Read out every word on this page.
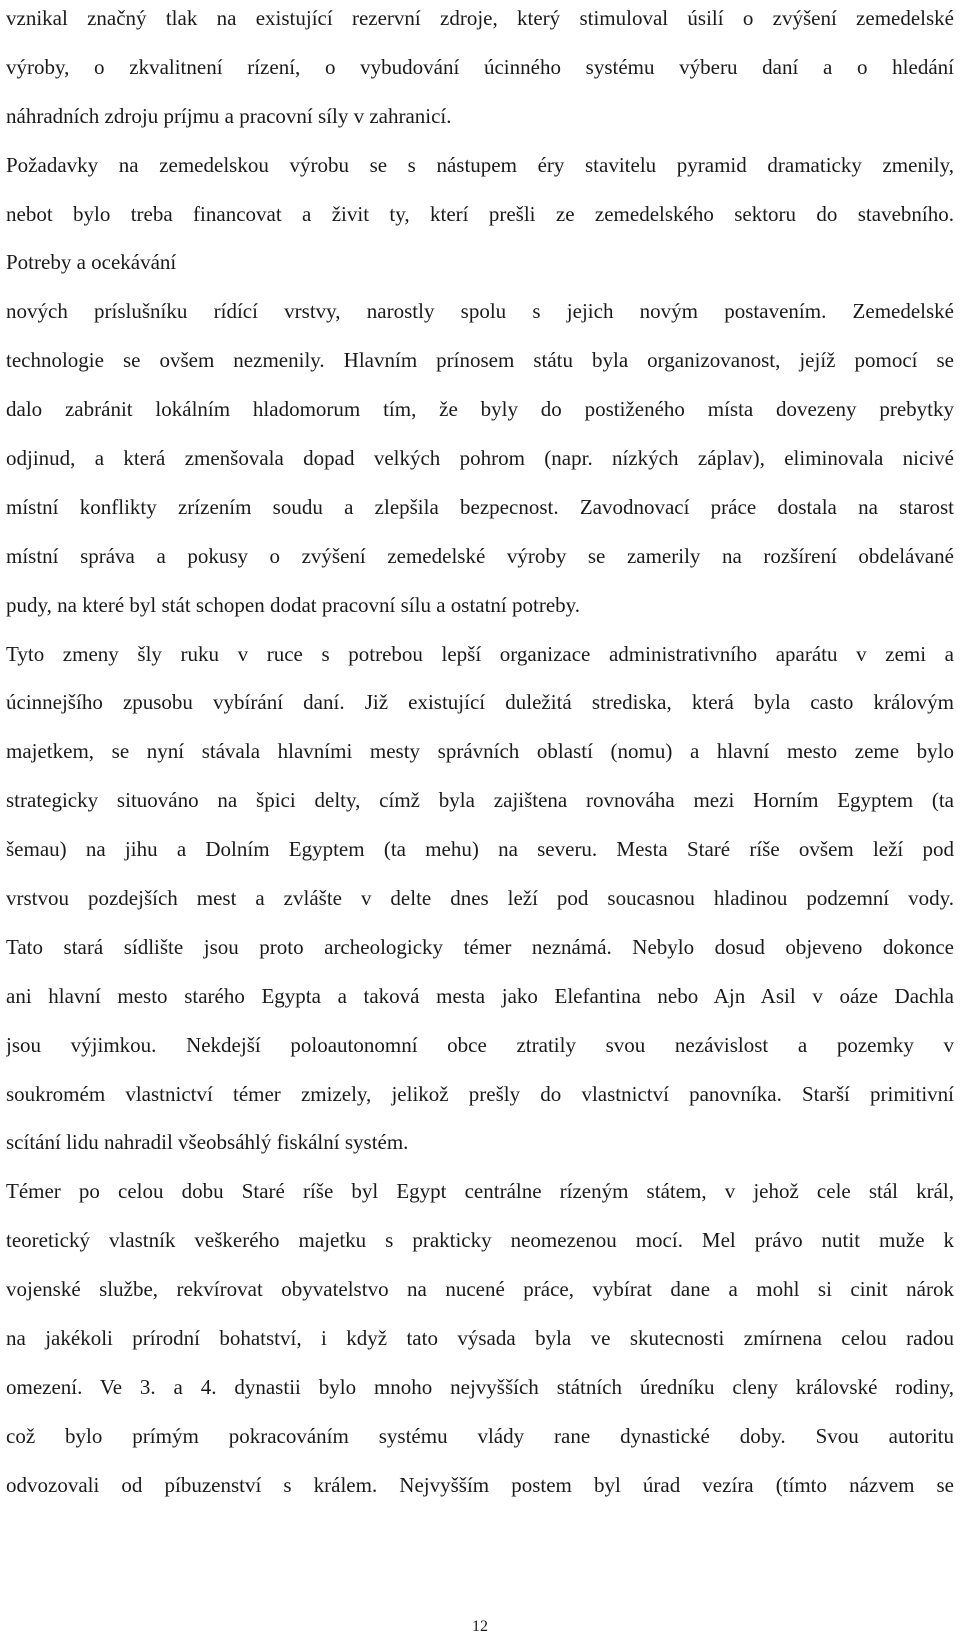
vznikal značný tlak na existující rezervní zdroje, který stimuloval úsilí o zvýšení zemedelské
výroby, o zkvalitnení rízení, o vybudování úcinného systému výberu daní a o hledání
náhradních zdroju príjmu a pracovní síly v zahranicí.
Požadavky na zemedelskou výrobu se s nástupem éry stavitelu pyramid dramaticky zmenily,
nebot bylo treba financovat a živit ty, kterí prešli ze zemedelského sektoru do stavebního.
Potreby a ocekávání
nových príslušníku rídící vrstvy, narostly spolu s jejich novým postavením. Zemedelské
technologie se ovšem nezmenily. Hlavním prínosem státu byla organizovanost, jejíž pomocí se
dalo zabránit lokálním hladomorum tím, že byly do postiženého místa dovezeny prebytky
odjinud, a která zmenšovala dopad velkých pohrom (napr. nízkých záplav), eliminovala nicivé
místní konflikty zrízením soudu a zlepšila bezpecnost. Zavodnovací práce dostala na starost
místní správa a pokusy o zvýšení zemedelské výroby se zamerily na rozšírení obdelávané
pudy, na které byl stát schopen dodat pracovní sílu a ostatní potreby.
Tyto zmeny šly ruku v ruce s potrebou lepší organizace administrativního aparátu v zemi a
úcinnejšího zpusobu vybírání daní. Již existující duležitá strediska, která byla casto královým
majetkem, se nyní stávala hlavními mesty správních oblastí (nomu) a hlavní mesto zeme bylo
strategicky situováno na špici delty, címž byla zajištena rovnováha mezi Horním Egyptem (ta
šemau) na jihu a Dolním Egyptem (ta mehu) na severu. Mesta Staré ríše ovšem leží pod
vrstvou pozdejších mest a zvlášte v delte dnes leží pod soucasnou hladinou podzemní vody.
Tato stará sídlište jsou proto archeologicky témer neznámá. Nebylo dosud objeveno dokonce
ani hlavní mesto starého Egypta a taková mesta jako Elefantina nebo Ajn Asil v oáze Dachla
jsou výjimkou. Nekdejší poloautonomní obce ztratily svou nezávislost a pozemky v
soukromém vlastnictví témer zmizely, jelikož prešly do vlastnictví panovníka. Starší primitivní
scítání lidu nahradil všeobsáhlý fiskální systém.
Témer po celou dobu Staré ríše byl Egypt centrálne rízeným státem, v jehož cele stál král,
teoretický vlastník veškerého majetku s prakticky neomezenou mocí. Mel právo nutit muže k
vojenské službe, rekvírovat obyvatelstvo na nucené práce, vybírat dane a mohl si cinit nárok
na jakékoli prírodní bohatství, i když tato výsada byla ve skutecnosti zmírnena celou radou
omezení. Ve 3. a 4. dynastii bylo mnoho nejvyšších státních úredníku cleny královské rodiny,
což bylo prímým pokracováním systému vlády rane dynastické doby. Svou autoritu
odvozovali od píbuzenství s králem. Nejvyšším postem byl úrad vezíra (tímto názvem se
12
